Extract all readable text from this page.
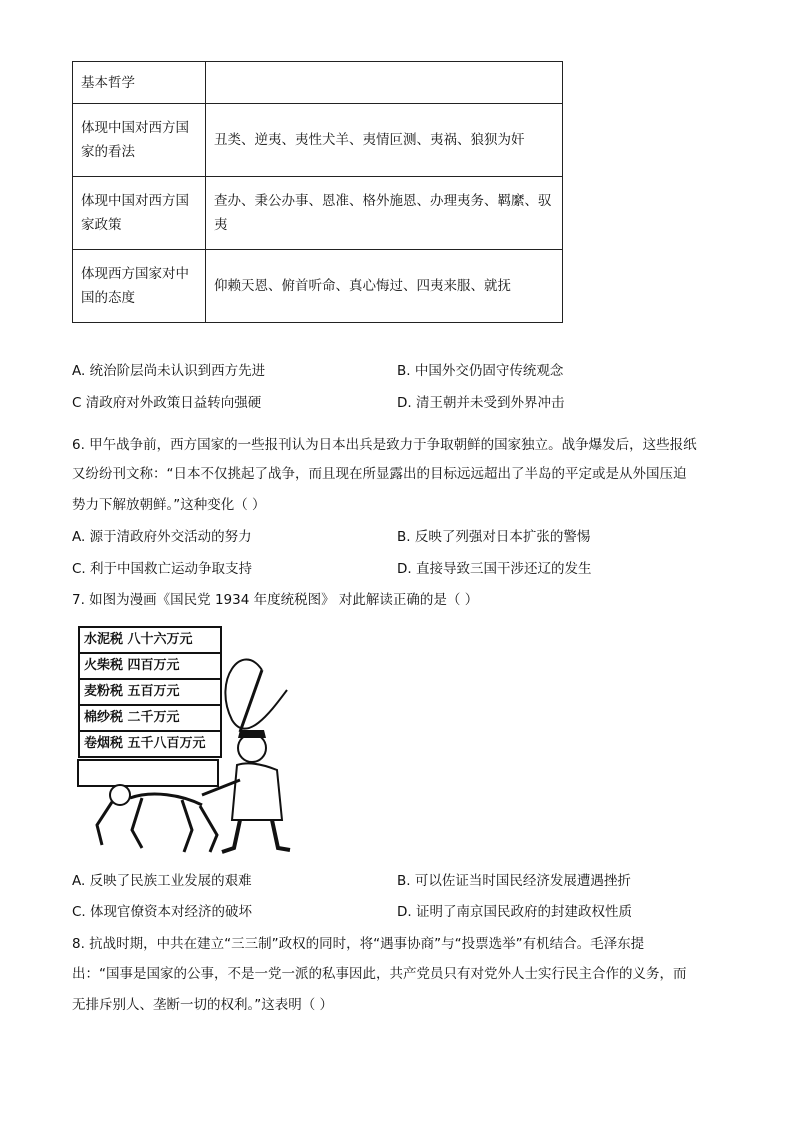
基本哲学	
体现中国对西方国家的看法	丑类、逆夷、夷性犬羊、夷情叵测、夷祸、狼狈为奸
体现中国对西方国家政策	查办、秉公办事、恩准、格外施恩、办理夷务、羁縻、驭夷
体现西方国家对中国的态度	仰赖天恩、俯首听命、真心悔过、四夷来服、就抚
A. 统治阶层尚未认识到西方先进	B. 中国外交仍固守传统观念
C 清政府对外政策日益转向强硬	D. 清王朝并未受到外界冲击
6. 甲午战争前，西方国家的一些报刊认为日本出兵是致力于争取朝鲜的国家独立。战争爆发后，这些报纸
又纷纷刊文称：“日本不仅挑起了战争，而且现在所显露出的目标远远超出了半岛的平定或是从外国压迫
势力下解放朝鲜。”这种变化（ ）
A. 源于清政府外交活动的努力	B. 反映了列强对日本扩张的警惕
C. 利于中国救亡运动争取支持	D. 直接导致三国干涉还辽的发生
7. 如图为漫画《国民党 1934 年度统税图》 对此解读正确的是（ ）
水泥税 八十六万元
火柴税 四百万元
麦粉税 五百万元
棉纱税 二千万元
卷烟税 五千八百万元
A. 反映了民族工业发展的艰难	B. 可以佐证当时国民经济发展遭遇挫折
C. 体现官僚资本对经济的破坏	D. 证明了南京国民政府的封建政权性质
8. 抗战时期，中共在建立“三三制”政权的同时，将“遇事协商”与“投票选举”有机结合。毛泽东提
出：“国事是国家的公事，不是一党一派的私事因此，共产党员只有对党外人士实行民主合作的义务，而
无排斥别人、垄断一切的权利。”这表明（ ）
